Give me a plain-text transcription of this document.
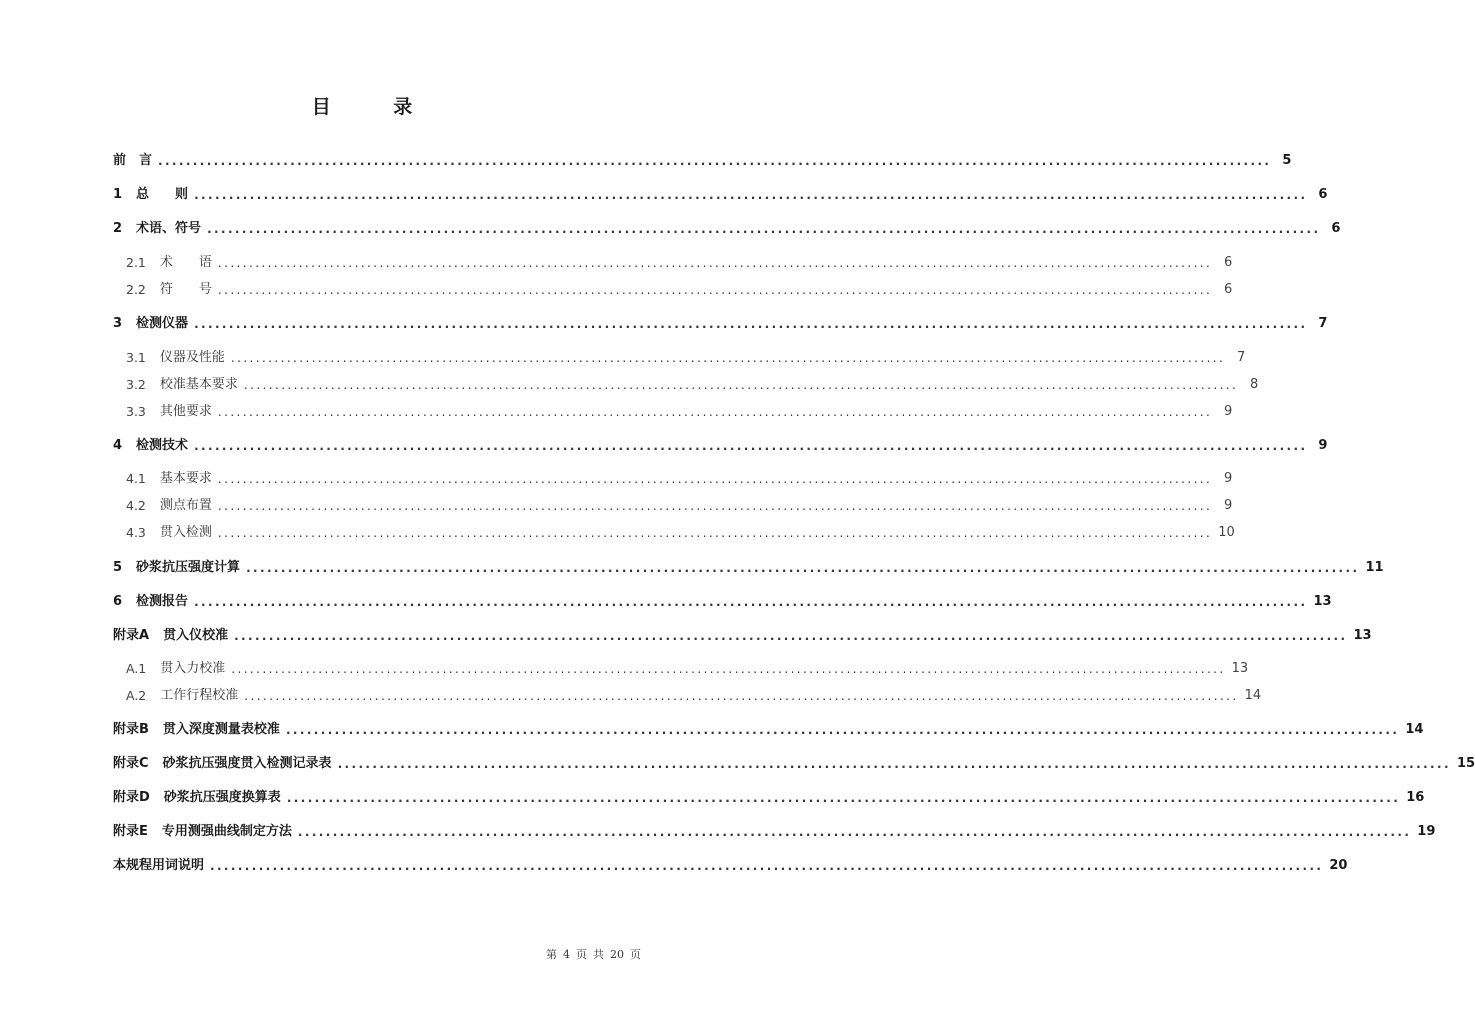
目 录
前　言 ................................................................................................................................................................ 5
1 总　　则 ................................................................................................................................................................ 6
2 术语、符号 ................................................................................................................................................................ 6
2.1 术　　语 ................................................................................................................................................................ 6
2.2 符　　号 ................................................................................................................................................................ 6
3 检测仪器 ................................................................................................................................................................ 7
3.1 仪器及性能 ................................................................................................................................................................ 7
3.2 校准基本要求 ................................................................................................................................................................ 8
3.3 其他要求 ................................................................................................................................................................ 9
4 检测技术 ................................................................................................................................................................ 9
4.1 基本要求 ................................................................................................................................................................ 9
4.2 测点布置 ................................................................................................................................................................ 9
4.3 贯入检测 ................................................................................................................................................................ 10
5 砂浆抗压强度计算 ................................................................................................................................................................ 11
6 检测报告 ................................................................................................................................................................ 13
附录A 贯入仪校准 ................................................................................................................................................................ 13
A.1 贯入力校准 ................................................................................................................................................................ 13
A.2 工作行程校准 ................................................................................................................................................................ 14
附录B 贯入深度测量表校准 ................................................................................................................................................................ 14
附录C 砂浆抗压强度贯入检测记录表 ................................................................................................................................................................ 15
附录D 砂浆抗压强度换算表 ................................................................................................................................................................ 16
附录E 专用测强曲线制定方法 ................................................................................................................................................................ 19
本规程用词说明 ................................................................................................................................................................ 20
第 4 页 共 20 页
